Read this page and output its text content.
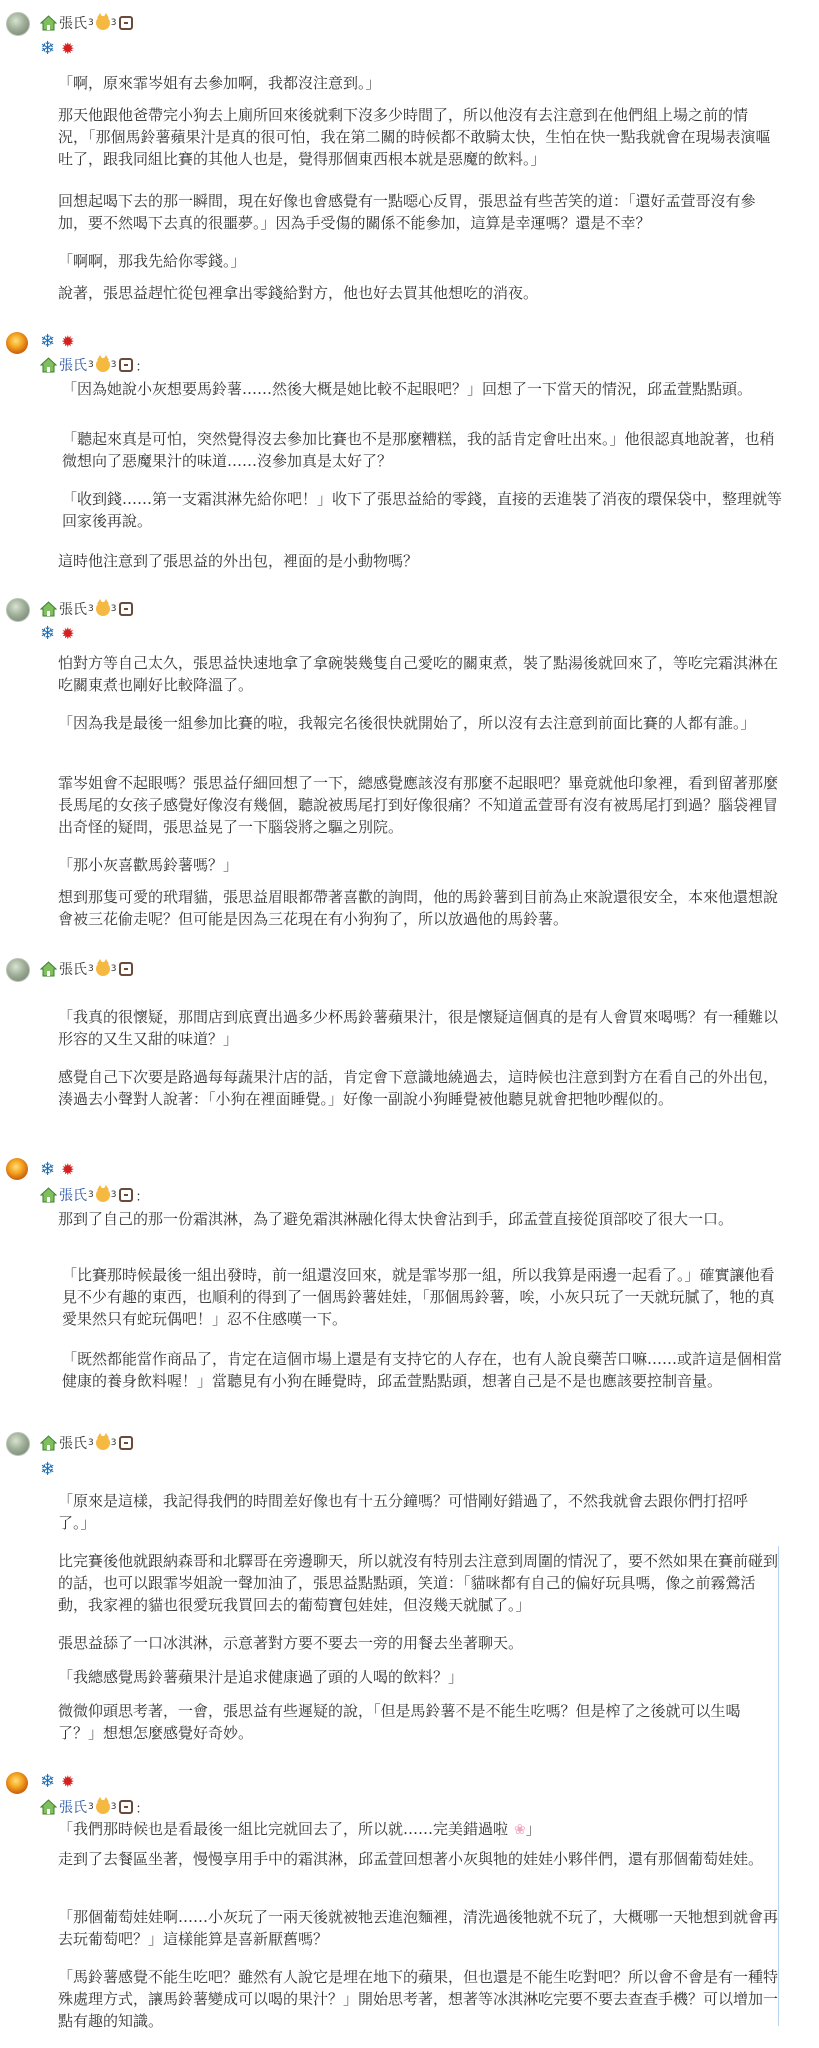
張氏 3 3
❄ ✹

「啊，原來霏岑姐有去參加啊，我都沒注意到。」

那天他跟他爸帶完小狗去上廁所回來後就剩下沒多少時間了，所以他沒有去注意到在他們組上場之前的情況，「那個馬鈴薯蘋果汁是真的很可怕，我在第二關的時候都不敢騎太快，生怕在快一點我就會在現場表演嘔吐了，跟我同組比賽的其他人也是，覺得那個東西根本就是惡魔的飲料。」

回想起喝下去的那一瞬間，現在好像也會感覺有一點噁心反胃，張思益有些苦笑的道：「還好孟萱哥沒有參加，要不然喝下去真的很噩夢。」因為手受傷的關係不能參加，這算是幸運嗎？還是不幸？

「啊啊，那我先給你零錢。」

說著，張思益趕忙從包裡拿出零錢給對方，他也好去買其他想吃的消夜。

❄ ✹
張氏 3 3 ：

「因為她說小灰想要馬鈴薯……然後大概是她比較不起眼吧？」回想了一下當天的情況，邱孟萱點點頭。

「聽起來真是可怕，突然覺得沒去參加比賽也不是那麼糟糕，我的話肯定會吐出來。」他很認真地說著，也稍微想向了惡魔果汁的味道……沒參加真是太好了？

「收到錢……第一支霜淇淋先給你吧！」收下了張思益給的零錢，直接的丟進裝了消夜的環保袋中，整理就等回家後再說。

這時他注意到了張思益的外出包，裡面的是小動物嗎？

張氏 3 3
❄ ✹

怕對方等自己太久，張思益快速地拿了拿碗裝幾隻自己愛吃的關東煮，裝了點湯後就回來了，等吃完霜淇淋在吃關東煮也剛好比較降溫了。

「因為我是最後一組參加比賽的啦，我報完名後很快就開始了，所以沒有去注意到前面比賽的人都有誰。」

霏岑姐會不起眼嗎？張思益仔細回想了一下，總感覺應該沒有那麼不起眼吧？畢竟就他印象裡，看到留著那麼長馬尾的女孩子感覺好像沒有幾個，聽說被馬尾打到好像很痛？不知道孟萱哥有沒有被馬尾打到過？腦袋裡冒出奇怪的疑問，張思益晃了一下腦袋將之驅之別院。

「那小灰喜歡馬鈴薯嗎？」

想到那隻可愛的玳瑁貓，張思益眉眼都帶著喜歡的詢問，他的馬鈴薯到目前為止來說還很安全，本來他還想說會被三花偷走呢？但可能是因為三花現在有小狗狗了，所以放過他的馬鈴薯。

張氏 3 3

「我真的很懷疑，那間店到底賣出過多少杯馬鈴薯蘋果汁，很是懷疑這個真的是有人會買來喝嗎？有一種難以形容的又生又甜的味道？」

感覺自己下次要是路過每每蔬果汁店的話，肯定會下意識地繞過去，這時候也注意到對方在看自己的外出包，湊過去小聲對人說著：「小狗在裡面睡覺。」好像一副說小狗睡覺被他聽見就會把牠吵醒似的。

❄ ✹
張氏 3 3 ：

那到了自己的那一份霜淇淋，為了避免霜淇淋融化得太快會沾到手，邱孟萱直接從頂部咬了很大一口。

「比賽那時候最後一組出發時，前一組還沒回來，就是霏岑那一組，所以我算是兩邊一起看了。」確實讓他看見不少有趣的東西，也順利的得到了一個馬鈴薯娃娃，「那個馬鈴薯，唉，小灰只玩了一天就玩膩了，牠的真愛果然只有蛇玩偶吧！」忍不住感嘆一下。

「既然都能當作商品了，肯定在這個市場上還是有支持它的人存在，也有人說良藥苦口嘛……或許這是個相當健康的養身飲料喔！」當聽見有小狗在睡覺時，邱孟萱點點頭，想著自己是不是也應該要控制音量。

張氏 3 3
❄

「原來是這樣，我記得我們的時間差好像也有十五分鐘嗎？可惜剛好錯過了，不然我就會去跟你們打招呼了。」

比完賽後他就跟納森哥和北驛哥在旁邊聊天，所以就沒有特別去注意到周圍的情況了，要不然如果在賽前碰到的話，也可以跟霏岑姐說一聲加油了，張思益點點頭，笑道：「貓咪都有自己的偏好玩具嗎，像之前霧鶯活動，我家裡的貓也很愛玩我買回去的葡萄寶包娃娃，但沒幾天就膩了。」

張思益舔了一口冰淇淋，示意著對方要不要去一旁的用餐去坐著聊天。

「我總感覺馬鈴薯蘋果汁是追求健康過了頭的人喝的飲料？」

微微仰頭思考著，一會，張思益有些遲疑的說，「但是馬鈴薯不是不能生吃嗎？但是榨了之後就可以生喝了？」想想怎麼感覺好奇妙。

❄ ✹
張氏 3 3 ：

「我們那時候也是看最後一組比完就回去了，所以就……完美錯過啦 ❀」

走到了去餐區坐著，慢慢享用手中的霜淇淋，邱孟萱回想著小灰與牠的娃娃小夥伴們，還有那個葡萄娃娃。

「那個葡萄娃娃啊……小灰玩了一兩天後就被牠丟進泡麵裡，清洗過後牠就不玩了，大概哪一天牠想到就會再去玩葡萄吧？」這樣能算是喜新厭舊嗎？

「馬鈴薯感覺不能生吃吧？雖然有人說它是埋在地下的蘋果，但也還是不能生吃對吧？所以會不會是有一種特殊處理方式，讓馬鈴薯變成可以喝的果汁？」開始思考著，想著等冰淇淋吃完要不要去查查手機？可以增加一點有趣的知識。
